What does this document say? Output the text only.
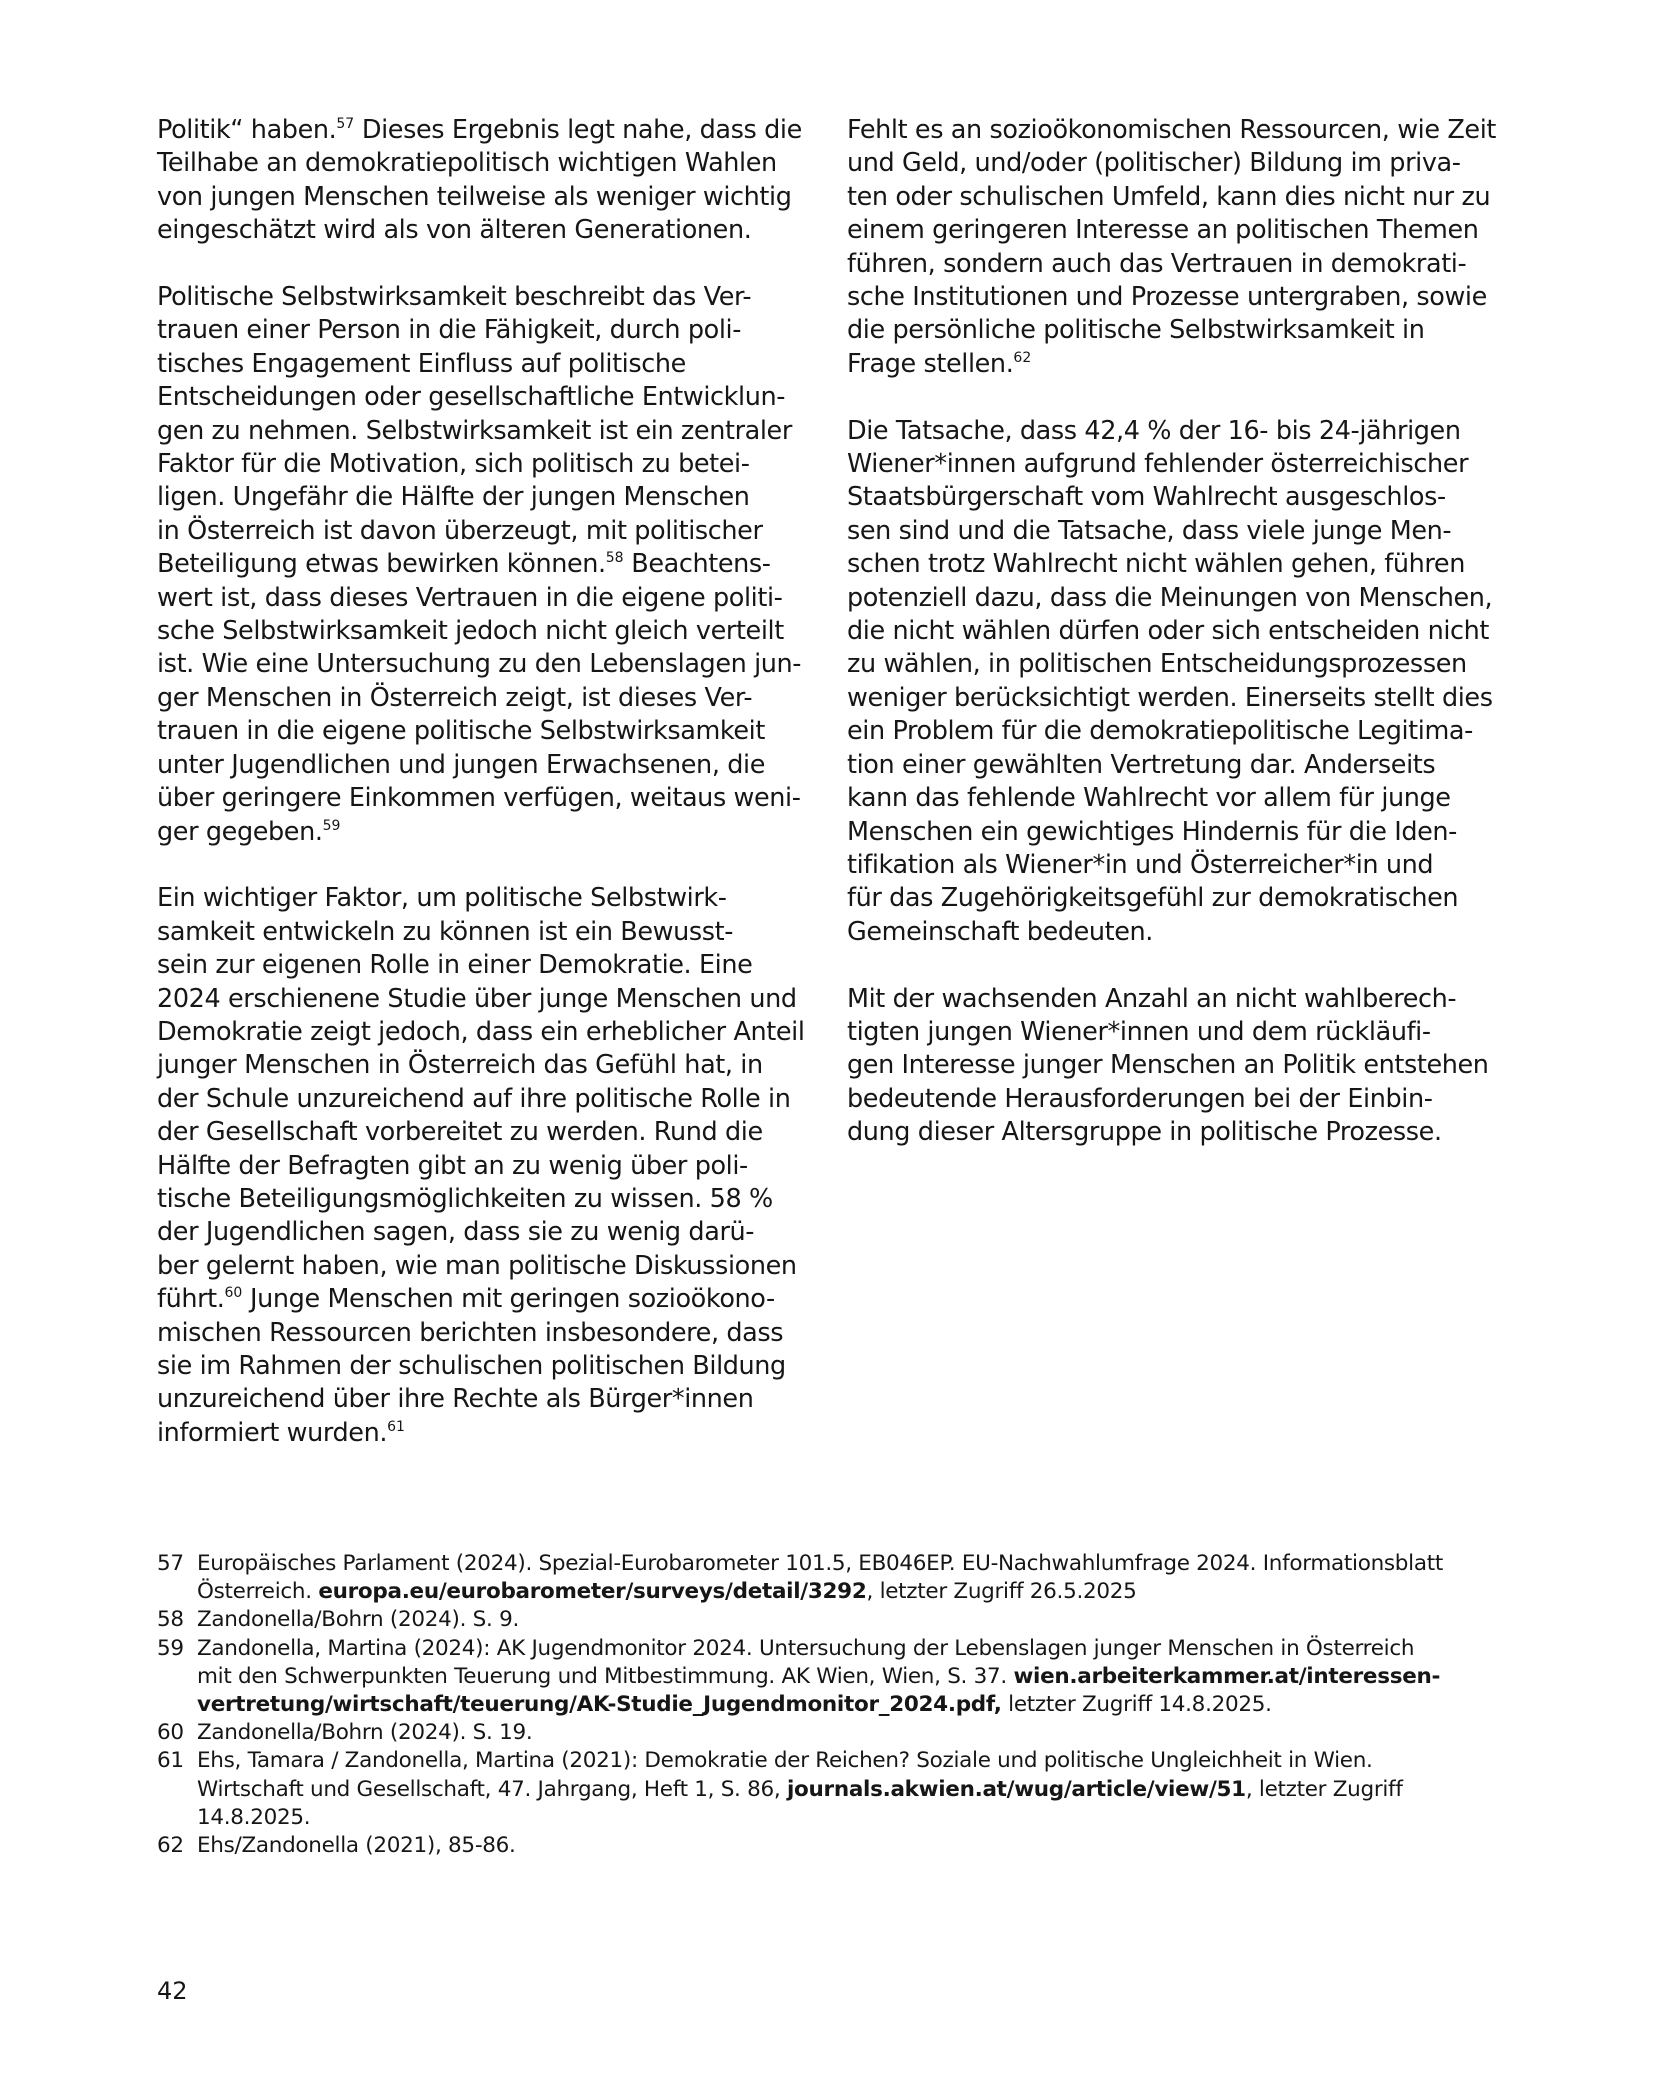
Politik“ haben.$^{57}$ Dieses Ergebnis legt nahe, dass die
Teilhabe an demokratiepolitisch wichtigen Wahlen
von jungen Menschen teilweise als weniger wichtig
eingeschätzt wird als von älteren Generationen.

Politische Selbstwirksamkeit beschreibt das Ver-
trauen einer Person in die Fähigkeit, durch poli-
tisches Engagement Einfluss auf politische
Entscheidungen oder gesellschaftliche Entwicklun-
gen zu nehmen. Selbstwirksamkeit ist ein zentraler
Faktor für die Motivation, sich politisch zu betei-
ligen. Ungefähr die Hälfte der jungen Menschen
in Österreich ist davon überzeugt, mit politischer
Beteiligung etwas bewirken können.$^{58}$ Beachtens-
wert ist, dass dieses Vertrauen in die eigene politi-
sche Selbstwirksamkeit jedoch nicht gleich verteilt
ist. Wie eine Untersuchung zu den Lebenslagen jun-
ger Menschen in Österreich zeigt, ist dieses Ver-
trauen in die eigene politische Selbstwirksamkeit
unter Jugendlichen und jungen Erwachsenen, die
über geringere Einkommen verfügen, weitaus weni-
ger gegeben.$^{59}$

Ein wichtiger Faktor, um politische Selbstwirk-
samkeit entwickeln zu können ist ein Bewusst-
sein zur eigenen Rolle in einer Demokratie. Eine
2024 erschienene Studie über junge Menschen und
Demokratie zeigt jedoch, dass ein erheblicher Anteil
junger Menschen in Österreich das Gefühl hat, in
der Schule unzureichend auf ihre politische Rolle in
der Gesellschaft vorbereitet zu werden. Rund die
Hälfte der Befragten gibt an zu wenig über poli-
tische Beteiligungsmöglichkeiten zu wissen. 58 %
der Jugendlichen sagen, dass sie zu wenig darü-
ber gelernt haben, wie man politische Diskussionen
führt.$^{60}$ Junge Menschen mit geringen sozioökono-
mischen Ressourcen berichten insbesondere, dass
sie im Rahmen der schulischen politischen Bildung
unzureichend über ihre Rechte als Bürger*innen
informiert wurden.$^{61}$

Fehlt es an sozioökonomischen Ressourcen, wie Zeit
und Geld, und/oder (politischer) Bildung im priva-
ten oder schulischen Umfeld, kann dies nicht nur zu
einem geringeren Interesse an politischen Themen
führen, sondern auch das Vertrauen in demokrati-
sche Institutionen und Prozesse untergraben, sowie
die persönliche politische Selbstwirksamkeit in
Frage stellen.$^{62}$

Die Tatsache, dass 42,4 % der 16- bis 24-jährigen
Wiener*innen aufgrund fehlender österreichischer
Staatsbürgerschaft vom Wahlrecht ausgeschlos-
sen sind und die Tatsache, dass viele junge Men-
schen trotz Wahlrecht nicht wählen gehen, führen
potenziell dazu, dass die Meinungen von Menschen,
die nicht wählen dürfen oder sich entscheiden nicht
zu wählen, in politischen Entscheidungsprozessen
weniger berücksichtigt werden. Einerseits stellt dies
ein Problem für die demokratiepolitische Legitima-
tion einer gewählten Vertretung dar. Anderseits
kann das fehlende Wahlrecht vor allem für junge
Menschen ein gewichtiges Hindernis für die Iden-
tifikation als Wiener*in und Österreicher*in und
für das Zugehörigkeitsgefühl zur demokratischen
Gemeinschaft bedeuten.

Mit der wachsenden Anzahl an nicht wahlberech-
tigten jungen Wiener*innen und dem rückläufi-
gen Interesse junger Menschen an Politik entstehen
bedeutende Herausforderungen bei der Einbin-
dung dieser Altersgruppe in politische Prozesse.

57 Europäisches Parlament (2024). Spezial-Eurobarometer 101.5, EB046EP. EU-Nachwahlumfrage 2024. Informationsblatt
Österreich. europa.eu/eurobarometer/surveys/detail/3292, letzter Zugriff 26.5.2025
58 Zandonella/Bohrn (2024). S. 9.
59 Zandonella, Martina (2024): AK Jugendmonitor 2024. Untersuchung der Lebenslagen junger Menschen in Österreich
mit den Schwerpunkten Teuerung und Mitbestimmung. AK Wien, Wien, S. 37. wien.arbeiterkammer.at/interessen-
vertretung/wirtschaft/teuerung/AK-Studie_Jugendmonitor_2024.pdf, letzter Zugriff 14.8.2025.
60 Zandonella/Bohrn (2024). S. 19.
61 Ehs, Tamara / Zandonella, Martina (2021): Demokratie der Reichen? Soziale und politische Ungleichheit in Wien.
Wirtschaft und Gesellschaft, 47. Jahrgang, Heft 1, S. 86, journals.akwien.at/wug/article/view/51, letzter Zugriff
14.8.2025.
62 Ehs/Zandonella (2021), 85-86.
42
